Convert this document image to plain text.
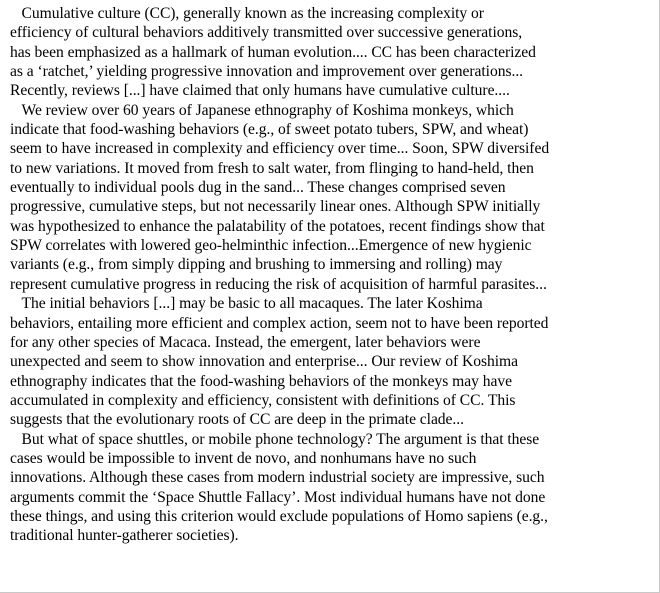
Cumulative culture (CC), generally known as the increasing complexity or
efficiency of cultural behaviors additively transmitted over successive generations,
has been emphasized as a hallmark of human evolution.... CC has been characterized
as a ‘ratchet,’ yielding progressive innovation and improvement over generations...
Recently, reviews [...] have claimed that only humans have cumulative culture....
We review over 60 years of Japanese ethnography of Koshima monkeys, which
indicate that food-washing behaviors (e.g., of sweet potato tubers, SPW, and wheat)
seem to have increased in complexity and efficiency over time... Soon, SPW diversifed
to new variations. It moved from fresh to salt water, from flinging to hand-held, then
eventually to individual pools dug in the sand... These changes comprised seven
progressive, cumulative steps, but not necessarily linear ones. Although SPW initially
was hypothesized to enhance the palatability of the potatoes, recent findings show that
SPW correlates with lowered geo-helminthic infection...Emergence of new hygienic
variants (e.g., from simply dipping and brushing to immersing and rolling) may
represent cumulative progress in reducing the risk of acquisition of harmful parasites...
The initial behaviors [...] may be basic to all macaques. The later Koshima
behaviors, entailing more efficient and complex action, seem not to have been reported
for any other species of Macaca. Instead, the emergent, later behaviors were
unexpected and seem to show innovation and enterprise... Our review of Koshima
ethnography indicates that the food-washing behaviors of the monkeys may have
accumulated in complexity and efficiency, consistent with definitions of CC. This
suggests that the evolutionary roots of CC are deep in the primate clade...
But what of space shuttles, or mobile phone technology? The argument is that these
cases would be impossible to invent de novo, and nonhumans have no such
innovations. Although these cases from modern industrial society are impressive, such
arguments commit the ‘Space Shuttle Fallacy’. Most individual humans have not done
these things, and using this criterion would exclude populations of Homo sapiens (e.g.,
traditional hunter-gatherer societies).
